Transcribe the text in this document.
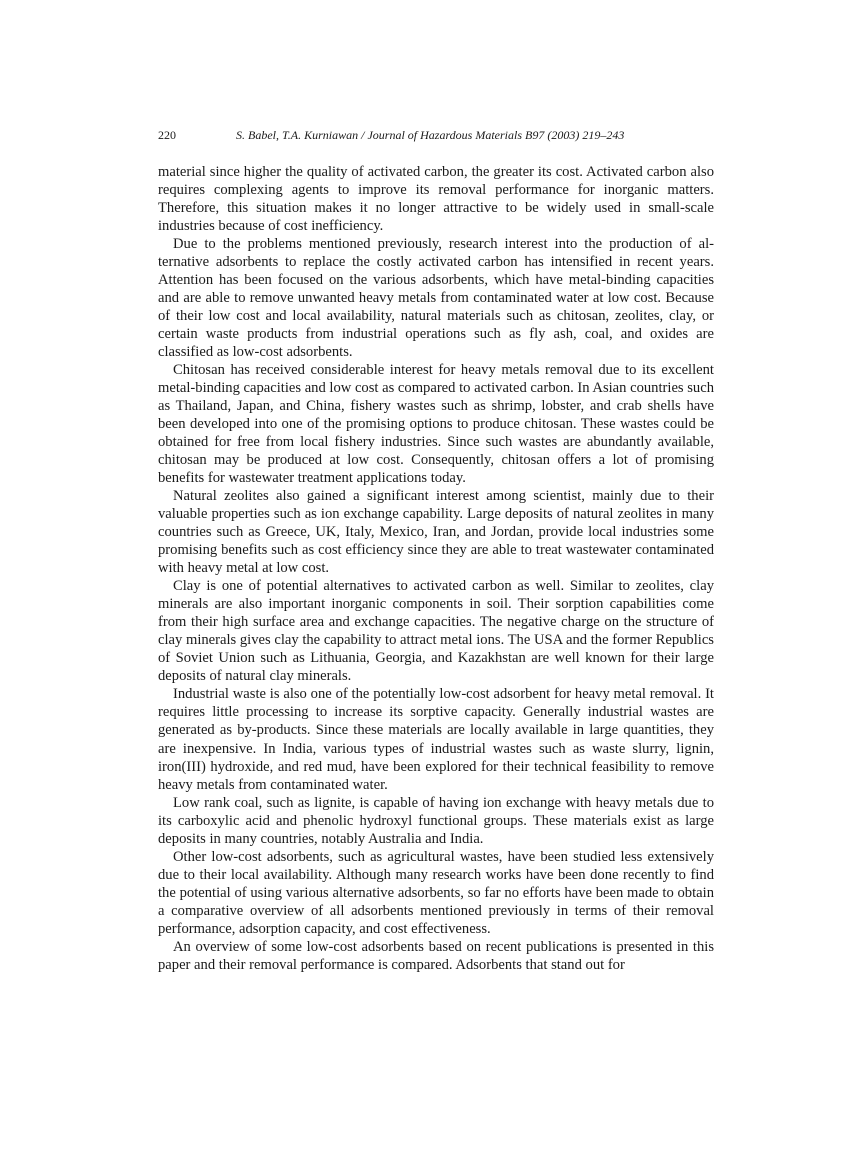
220	S. Babel, T.A. Kurniawan / Journal of Hazardous Materials B97 (2003) 219–243

material since higher the quality of activated carbon, the greater its cost. Activated carbon also requires complexing agents to improve its removal performance for inorganic matters. Therefore, this situation makes it no longer attractive to be widely used in small-scale industries because of cost inefficiency.

Due to the problems mentioned previously, research interest into the production of alternative adsorbents to replace the costly activated carbon has intensified in recent years. Attention has been focused on the various adsorbents, which have metal-binding capacities and are able to remove unwanted heavy metals from contaminated water at low cost. Because of their low cost and local availability, natural materials such as chitosan, zeolites, clay, or certain waste products from industrial operations such as fly ash, coal, and oxides are classified as low-cost adsorbents.

Chitosan has received considerable interest for heavy metals removal due to its excellent metal-binding capacities and low cost as compared to activated carbon. In Asian countries such as Thailand, Japan, and China, fishery wastes such as shrimp, lobster, and crab shells have been developed into one of the promising options to produce chitosan. These wastes could be obtained for free from local fishery industries. Since such wastes are abundantly available, chitosan may be produced at low cost. Consequently, chitosan offers a lot of promising benefits for wastewater treatment applications today.

Natural zeolites also gained a significant interest among scientist, mainly due to their valuable properties such as ion exchange capability. Large deposits of natural zeolites in many countries such as Greece, UK, Italy, Mexico, Iran, and Jordan, provide local industries some promising benefits such as cost efficiency since they are able to treat wastewater contaminated with heavy metal at low cost.

Clay is one of potential alternatives to activated carbon as well. Similar to zeolites, clay minerals are also important inorganic components in soil. Their sorption capabilities come from their high surface area and exchange capacities. The negative charge on the structure of clay minerals gives clay the capability to attract metal ions. The USA and the former Republics of Soviet Union such as Lithuania, Georgia, and Kazakhstan are well known for their large deposits of natural clay minerals.

Industrial waste is also one of the potentially low-cost adsorbent for heavy metal removal. It requires little processing to increase its sorptive capacity. Generally industrial wastes are generated as by-products. Since these materials are locally available in large quantities, they are inexpensive. In India, various types of industrial wastes such as waste slurry, lignin, iron(III) hydroxide, and red mud, have been explored for their technical feasibility to remove heavy metals from contaminated water.

Low rank coal, such as lignite, is capable of having ion exchange with heavy metals due to its carboxylic acid and phenolic hydroxyl functional groups. These materials exist as large deposits in many countries, notably Australia and India.

Other low-cost adsorbents, such as agricultural wastes, have been studied less extensively due to their local availability. Although many research works have been done recently to find the potential of using various alternative adsorbents, so far no efforts have been made to obtain a comparative overview of all adsorbents mentioned previously in terms of their removal performance, adsorption capacity, and cost effectiveness.

An overview of some low-cost adsorbents based on recent publications is presented in this paper and their removal performance is compared. Adsorbents that stand out for
